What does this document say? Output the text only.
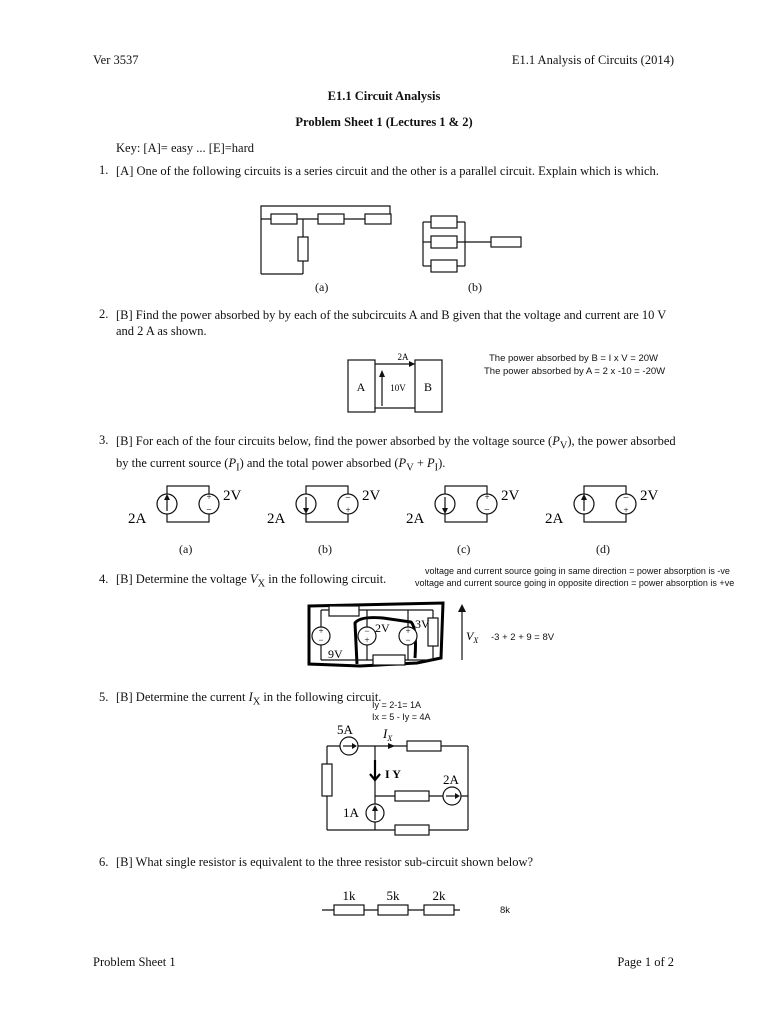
Ver 3537	E1.1 Analysis of Circuits (2014)
E1.1 Circuit Analysis
Problem Sheet 1 (Lectures 1 & 2)
Key: [A]= easy ... [E]=hard
1. [A] One of the following circuits is a series circuit and the other is a parallel circuit. Explain which is which.
(a)	(b)
2. [B] Find the power absorbed by by each of the subcircuits A and B given that the voltage and current are 10 V and 2 A as shown.
A	B
2A
10V
The power absorbed by B = I x V = 20W
The power absorbed by A = 2 x -10 = -20W
3. [B] For each of the four circuits below, find the power absorbed by the voltage source $(P_V)$, the power absorbed by the current source $(P_I)$ and the total power absorbed $(P_V + P_I)$.
+
−
2A
2V	−
+
2A
2V	+
−
2A
2V	−
+
2A
2V
(a)	(b)	(c)	(d)
4. [B] Determine the voltage $V_X$ in the following circuit.
voltage and current source going in same direction = power absorption is -ve
voltage and current source going in opposite direction = power absorption is +ve
+
−
−
+
+
−
9V
2V 3V
$V_X$ -3 + 2 + 9 = 8V
5. [B] Determine the current $I_X$ in the following circuit.
Iy = 2-1= 1A
Ix = 5 - Iy = 4A
I Y
$I_X$
5A
2A
1A
6. [B] What single resistor is equivalent to the three resistor sub-circuit shown below?
1k 5k	2k
8k
Problem Sheet 1	Page 1 of 2
